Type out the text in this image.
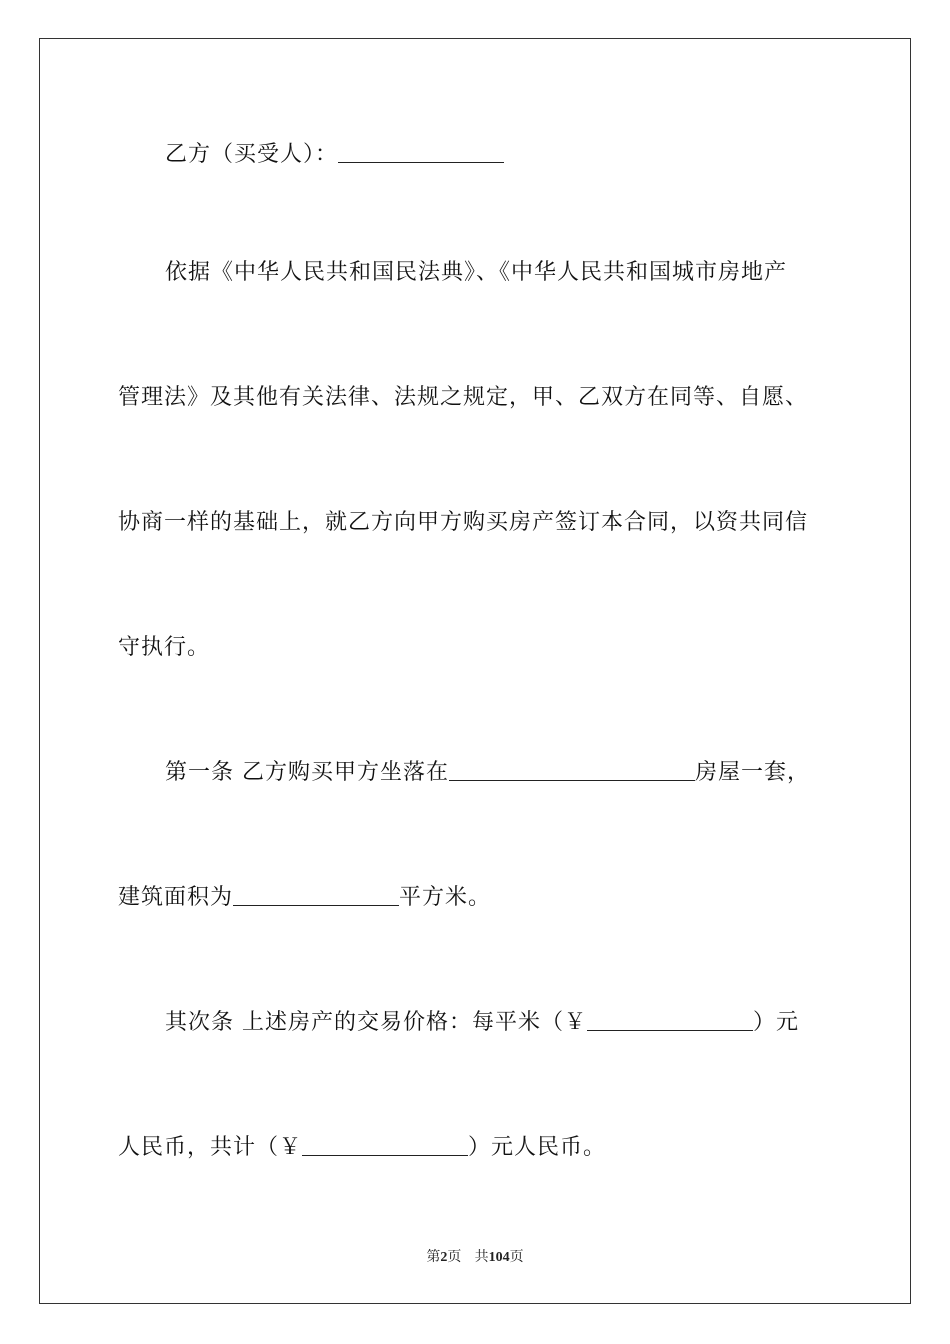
乙方（买受人）：
依据《中华人民共和国民法典》、《中华人民共和国城市房地产
管理法》及其他有关法律、法规之规定，甲、乙双方在同等、自愿、
协商一样的基础上，就乙方向甲方购买房产签订本合同，以资共同信
守执行。
第一条 乙方购买甲方坐落在	房屋一套，
建筑面积为	平方米。
其次条 上述房产的交易价格：每平米（￥	）元
人民币，共计（￥	）元人民币。
第2页   共104页
